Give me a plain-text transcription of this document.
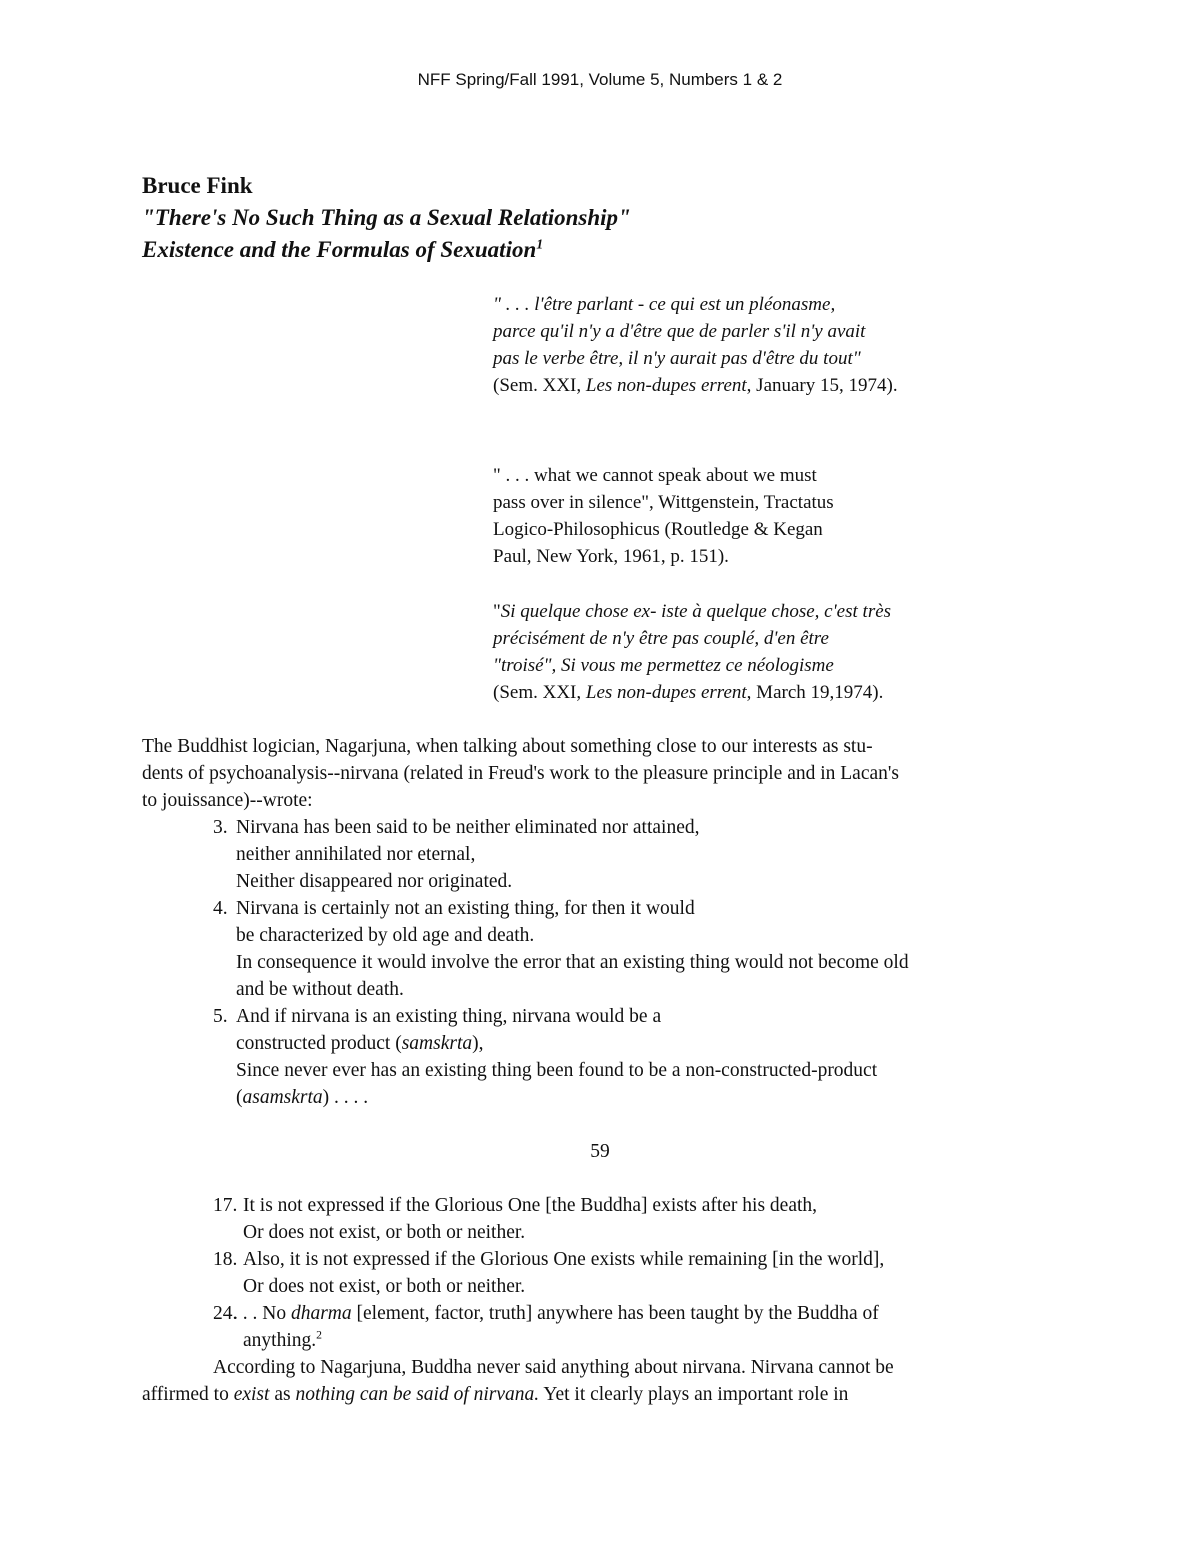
NFF Spring/Fall 1991, Volume 5, Numbers 1 & 2
Bruce Fink
"There's No Such Thing as a Sexual Relationship"
Existence and the Formulas of Sexuation$^1$
" . . . l'être parlant - ce qui est un pléonasme,
parce qu'il n'y a d'être que de parler s'il n'y avait
pas le verbe être, il n'y aurait pas d'être du tout"
(Sem. XXI, Les non-dupes errent, January 15, 1974).
" . . . what we cannot speak about we must
pass over in silence", Wittgenstein, Tractatus
Logico-Philosophicus (Routledge & Kegan
Paul, New York, 1961, p. 151).
"Si quelque chose ex- iste à quelque chose, c'est très
précisément de n'y être pas couplé, d'en être
"troisé", Si vous me permettez ce néologisme
(Sem. XXI, Les non-dupes errent, March 19,1974).
The Buddhist logician, Nagarjuna, when talking about something close to our interests as stu-
dents of psychoanalysis--nirvana (related in Freud's work to the pleasure principle and in Lacan's
to jouissance)--wrote:
3. Nirvana has been said to be neither eliminated nor attained,
neither annihilated nor eternal,
Neither disappeared nor originated.
4. Nirvana is certainly not an existing thing, for then it would
be characterized by old age and death.
In consequence it would involve the error that an existing thing would not become old
and be without death.
5. And if nirvana is an existing thing, nirvana would be a
constructed product (samskrta),
Since never ever has an existing thing been found to be a non-constructed-product
(asamskrta) . . . .
59
17. It is not expressed if the Glorious One [the Buddha] exists after his death,
Or does not exist, or both or neither.
18. Also, it is not expressed if the Glorious One exists while remaining [in the world],
Or does not exist, or both or neither.
24.
. . . No dharma [element, factor, truth] anywhere has been taught by the Buddha of
anything.$^2$
According to Nagarjuna, Buddha never said anything about nirvana. Nirvana cannot be
affirmed to exist as nothing can be said of nirvana. Yet it clearly plays an important role in
